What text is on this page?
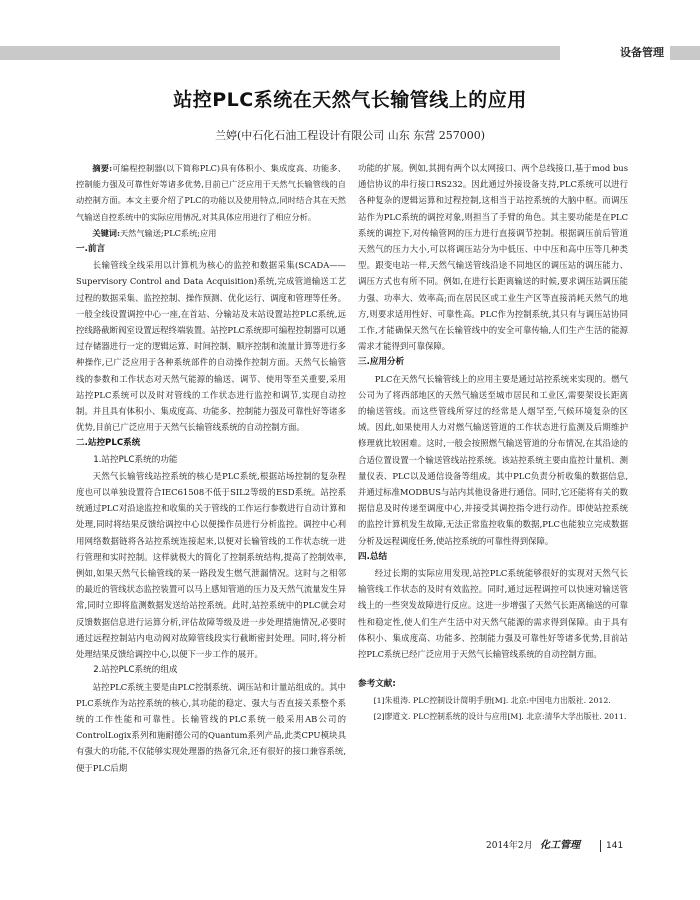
设备管理
站控PLC系统在天然气长输管线上的应用
兰婷(中石化石油工程设计有限公司 山东 东营 257000)

摘要:可编程控制器(以下简称PLC)具有体积小、集成度高、功能多、控制能力强及可靠性好等诸多优势,目前已广泛应用于天然气长输管线的自动控制方面。本文主要介绍了PLC的功能以及使用特点,同时结合其在天然气输送自控系统中的实际应用情况,对其具体应用进行了相应分析。

关键词:天然气输送;PLC系统;应用

一.前言

长输管线全线采用以计算机为核心的监控和数据采集(SCADA——Supervisory Control and Data Acquisition)系统,完成管道输送工艺过程的数据采集、监控控制、操作预测、优化运行、调度和管理等任务。一般全线设置调控中心一座,在首站、分输站及末站设置站控PLC系统,远控线路截断阀室设置远程终端装置。站控PLC系统即可编程控制器可以通过存储器进行一定的逻辑运算、时间控制、顺序控制和流量计算等进行多种操作,已广泛应用于各种系统部件的自动操作控制方面。天然气长输管线的参数和工作状态对天然气能源的输送、调节、使用等至关重要,采用站控PLC系统可以及时对管线的工作状态进行监控和调节,实现自动控制。并且具有体积小、集成度高、功能多、控制能力强及可靠性好等诸多优势,目前已广泛应用于天然气长输管线系统的自动控制方面。

二.站控PLC系统
1.站控PLC系统的功能

天然气长输管线站控系统的核心是PLC系统,根据站场控制的复杂程度也可以单独设置符合IEC61508不低于SIL2等级的ESD系统。站控系统通过PLC对沿途监控和收集的关于管线的工作运行参数进行自动计算和处理,同时将结果反馈给调控中心以便操作员进行分析监控。调控中心利用网络数据链将各站控系统连接起来,以便对长输管线的工作状态统一进行管理和实时控制。这样就极大的简化了控制系统结构,提高了控制效率,例如,如果天然气长输管线的某一路段发生燃气泄漏情况。这时与之相邻的最近的管线状态监控装置可以马上感知管道的压力及天然气流量发生异常,同时立即将监测数据发送给站控系统。此时,站控系统中的PLC就会对反馈数据信息进行运算分析,评估故障等级及进一步处理措施情况,必要时通过远程控制站内电动阀对故障管线段实行截断密封处理。同时,将分析处理结果反馈给调控中心,以便下一步工作的展开。

2.站控PLC系统的组成

站控PLC系统主要是由PLC控制系统、调压站和计量站组成的。其中PLC系统作为站控系统的核心,其功能的稳定、强大与否直接关系整个系统的工作性能和可靠性。长输管线的PLC系统一般采用AB公司的ControlLogix系列和施耐德公司的Quantum系列产品,此类CPU模块具有强大的功能,不仅能够实现处理器的热备冗余,还有很好的接口兼容系统,便于PLC后期

功能的扩展。例如,其拥有两个以太网接口、两个总线接口,基于mod bus通信协议的串行接口RS232。因此通过外接设备支持,PLC系统可以进行各种复杂的逻辑运算和过程控制,这相当于站控系统的大脑中枢。而调压站作为PLC系统的调控对象,则担当了手臂的角色。其主要功能是在PLC系统的调控下,对传输管网的压力进行直接调节控制。根据调压前后管道天然气的压力大小,可以将调压站分为中低压、中中压和高中压等几种类型。跟变电站一样,天然气输送管线沿途不同地区的调压站的调压能力、调压方式也有所不同。例如,在进行长距离输送的时候,要求调压站调压能力强、功率大、效率高;而在居民区或工业生产区等直接消耗天然气的地方,则要求适用性好、可靠性高。PLC作为控制系统,其只有与调压站协同工作,才能确保天然气在长输管线中的安全可靠传输,人们生产生活的能源需求才能得到可靠保障。

三.应用分析

PLC在天然气长输管线上的应用主要是通过站控系统来实现的。燃气公司为了将西部地区的天然气输送至城市居民和工业区,需要架设长距离的输送管线。而这些管线所穿过的经常是人烟罕至,气候环境复杂的区域。因此,如果使用人力对燃气输送管道的工作状态进行监测及后期维护修理就比较困难。这时,一般会按照燃气输送管道的分布情况,在其沿途的合适位置设置一个输送管线站控系统。该站控系统主要由监控计量机、测量仪表、PLC以及通信设备等组成。其中PLC负责分析收集的数据信息,并通过标准MODBUS与站内其他设备进行通信。同时,它还能将有关的数据信息及时传递至调度中心,并接受其调控指令进行动作。即使站控系统的监控计算机发生故障,无法正常监控收集的数据,PLC也能独立完成数据分析及远程调度任务,使站控系统的可靠性得到保障。

四.总结

经过长期的实际应用发现,站控PLC系统能够很好的实现对天然气长输管线工作状态的及时有效监控。同时,通过远程调控可以快速对输送管线上的一些突发故障进行反应。这进一步增强了天然气长距离输送的可靠性和稳定性,使人们生产生活中对天然气能源的需求得到保障。由于具有体积小、集成度高、功能多、控制能力强及可靠性好等诸多优势,目前站控PLC系统已经广泛应用于天然气长输管线系统的自动控制方面。

参考文献:

[1]朱祖涛. PLC控制设计简明手册[M]. 北京:中国电力出版社. 2012.

[2]廖道文. PLC控制系统的设计与应用[M]. 北京:清华大学出版社. 2011.

2014年2月 化工管理	141
